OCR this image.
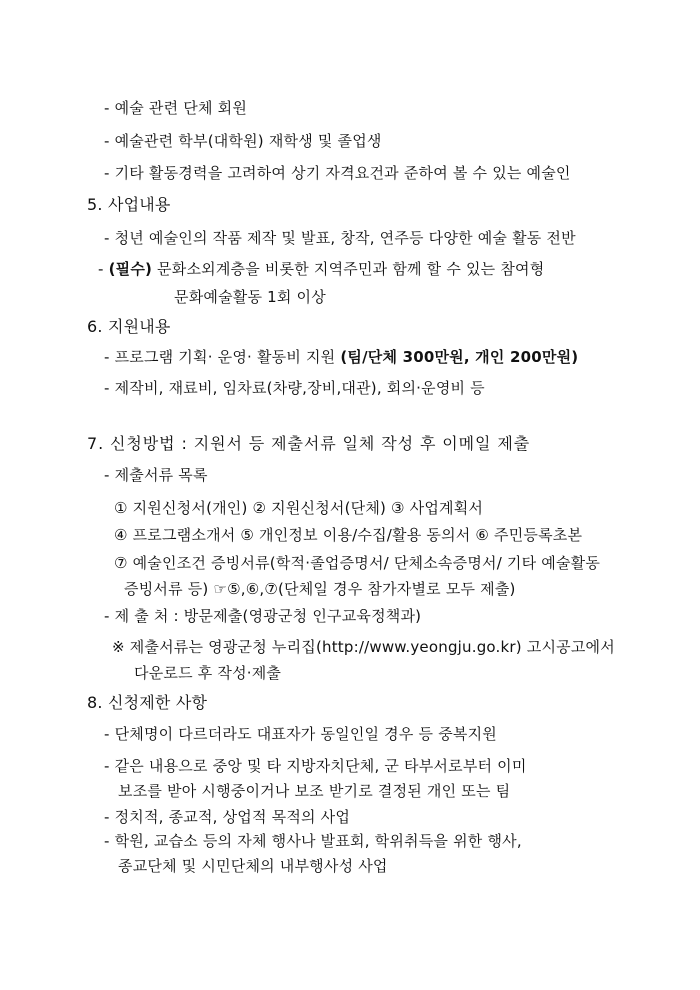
- 예술 관련 단체 회원
- 예술관련 학부(대학원) 재학생 및 졸업생
- 기타 활동경력을 고려하여 상기 자격요건과 준하여 볼 수 있는 예술인
5. 사업내용
- 청년 예술인의 작품 제작 및 발표, 창작, 연주등 다양한 예술 활동 전반
- (필수) 문화소외계층을 비롯한 지역주민과 함께 할 수 있는 참여형
문화예술활동 1회 이상
6. 지원내용
- 프로그램 기획· 운영· 활동비 지원 (팀/단체 300만원, 개인 200만원)
- 제작비, 재료비, 임차료(차량,장비,대관), 회의·운영비 등
7. 신청방법 : 지원서 등 제출서류 일체 작성 후 이메일 제출
- 제출서류 목록
① 지원신청서(개인) ② 지원신청서(단체) ③ 사업계획서
④ 프로그램소개서 ⑤ 개인정보 이용/수집/활용 동의서 ⑥ 주민등록초본
⑦ 예술인조건 증빙서류(학적·졸업증명서/ 단체소속증명서/ 기타 예술활동
증빙서류 등) ☞⑤,⑥,⑦(단체일 경우 참가자별로 모두 제출)
- 제 출 처 : 방문제출(영광군청 인구교육정책과)
※ 제출서류는 영광군청 누리집(http://www.yeongju.go.kr) 고시공고에서
다운로드 후 작성·제출
8. 신청제한 사항
- 단체명이 다르더라도 대표자가 동일인일 경우 등 중복지원
- 같은 내용으로 중앙 및 타 지방자치단체, 군 타부서로부터 이미
보조를 받아 시행중이거나 보조 받기로 결정된 개인 또는 팀
- 정치적, 종교적, 상업적 목적의 사업
- 학원, 교습소 등의 자체 행사나 발표회, 학위취득을 위한 행사,
종교단체 및 시민단체의 내부행사성 사업
